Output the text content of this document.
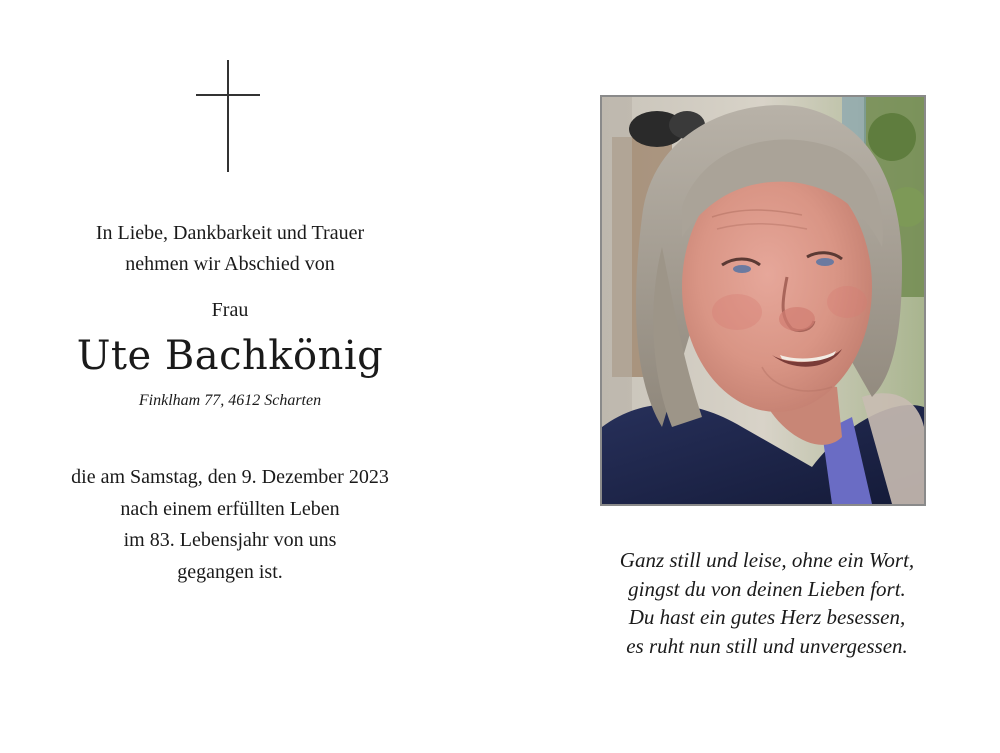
In Liebe, Dankbarkeit und Trauer
nehmen wir Abschied von
Frau
Ute Bachkönig
Finklham 77, 4612 Scharten
die am Samstag, den 9. Dezember 2023
nach einem erfüllten Leben
im 83. Lebensjahr von uns
gegangen ist.	Ganz still und leise, ohne ein Wort,
gingst du von deinen Lieben fort.
Du hast ein gutes Herz besessen,
es ruht nun still und unvergessen.
